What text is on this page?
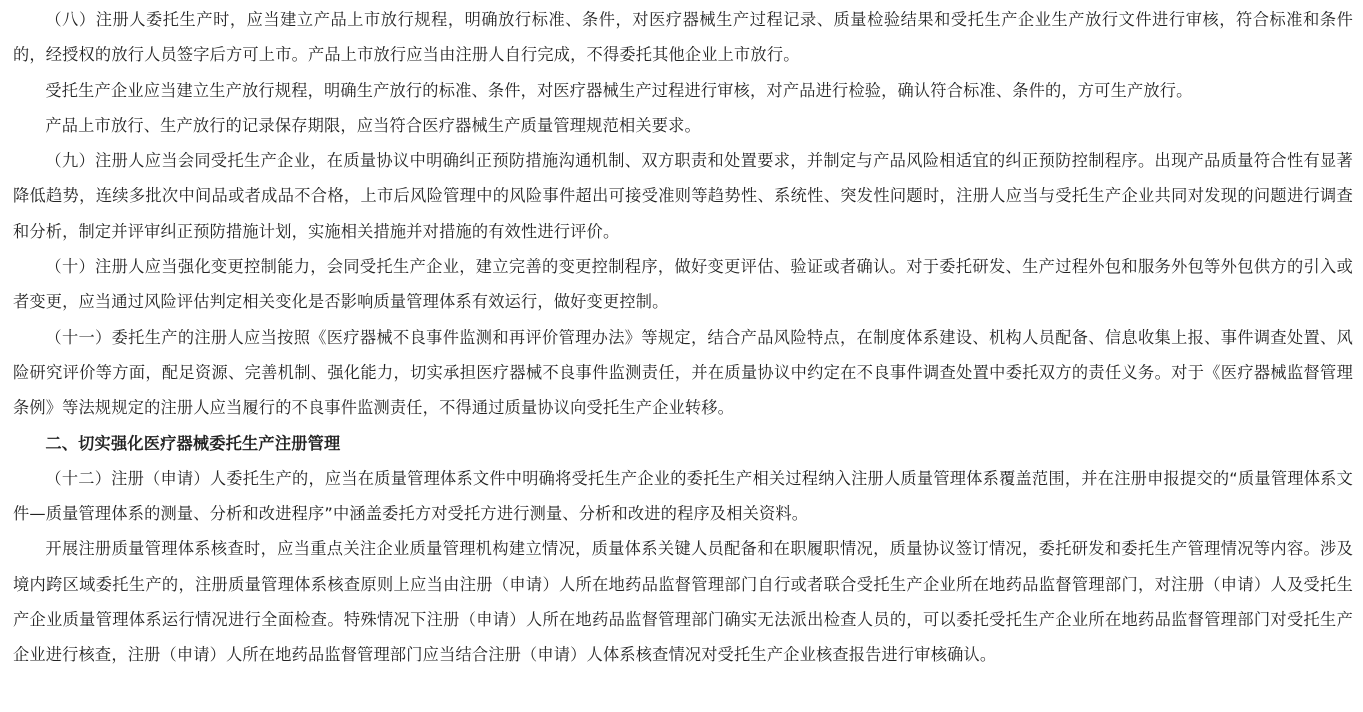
（八）注册人委托生产时，应当建立产品上市放行规程，明确放行标准、条件，对医疗器械生产过程记录、质量检验结果和受托生产企业生产放行文件进行审核，符合标准和条件的，经授权的放行人员签字后方可上市。产品上市放行应当由注册人自行完成，不得委托其他企业上市放行。

受托生产企业应当建立生产放行规程，明确生产放行的标准、条件，对医疗器械生产过程进行审核，对产品进行检验，确认符合标准、条件的，方可生产放行。

产品上市放行、生产放行的记录保存期限，应当符合医疗器械生产质量管理规范相关要求。

（九）注册人应当会同受托生产企业，在质量协议中明确纠正预防措施沟通机制、双方职责和处置要求，并制定与产品风险相适宜的纠正预防控制程序。出现产品质量符合性有显著降低趋势，连续多批次中间品或者成品不合格，上市后风险管理中的风险事件超出可接受准则等趋势性、系统性、突发性问题时，注册人应当与受托生产企业共同对发现的问题进行调查和分析，制定并评审纠正预防措施计划，实施相关措施并对措施的有效性进行评价。

（十）注册人应当强化变更控制能力，会同受托生产企业，建立完善的变更控制程序，做好变更评估、验证或者确认。对于委托研发、生产过程外包和服务外包等外包供方的引入或者变更，应当通过风险评估判定相关变化是否影响质量管理体系有效运行，做好变更控制。

（十一）委托生产的注册人应当按照《医疗器械不良事件监测和再评价管理办法》等规定，结合产品风险特点，在制度体系建设、机构人员配备、信息收集上报、事件调查处置、风险研究评价等方面，配足资源、完善机制、强化能力，切实承担医疗器械不良事件监测责任，并在质量协议中约定在不良事件调查处置中委托双方的责任义务。对于《医疗器械监督管理条例》等法规规定的注册人应当履行的不良事件监测责任，不得通过质量协议向受托生产企业转移。

二、切实强化医疗器械委托生产注册管理

（十二）注册（申请）人委托生产的，应当在质量管理体系文件中明确将受托生产企业的委托生产相关过程纳入注册人质量管理体系覆盖范围，并在注册申报提交的“质量管理体系文件—质量管理体系的测量、分析和改进程序”中涵盖委托方对受托方进行测量、分析和改进的程序及相关资料。

开展注册质量管理体系核查时，应当重点关注企业质量管理机构建立情况，质量体系关键人员配备和在职履职情况，质量协议签订情况，委托研发和委托生产管理情况等内容。涉及境内跨区域委托生产的，注册质量管理体系核查原则上应当由注册（申请）人所在地药品监督管理部门自行或者联合受托生产企业所在地药品监督管理部门，对注册（申请）人及受托生产企业质量管理体系运行情况进行全面检查。特殊情况下注册（申请）人所在地药品监督管理部门确实无法派出检查人员的，可以委托受托生产企业所在地药品监督管理部门对受托生产企业进行核查，注册（申请）人所在地药品监督管理部门应当结合注册（申请）人体系核查情况对受托生产企业核查报告进行审核确认。
